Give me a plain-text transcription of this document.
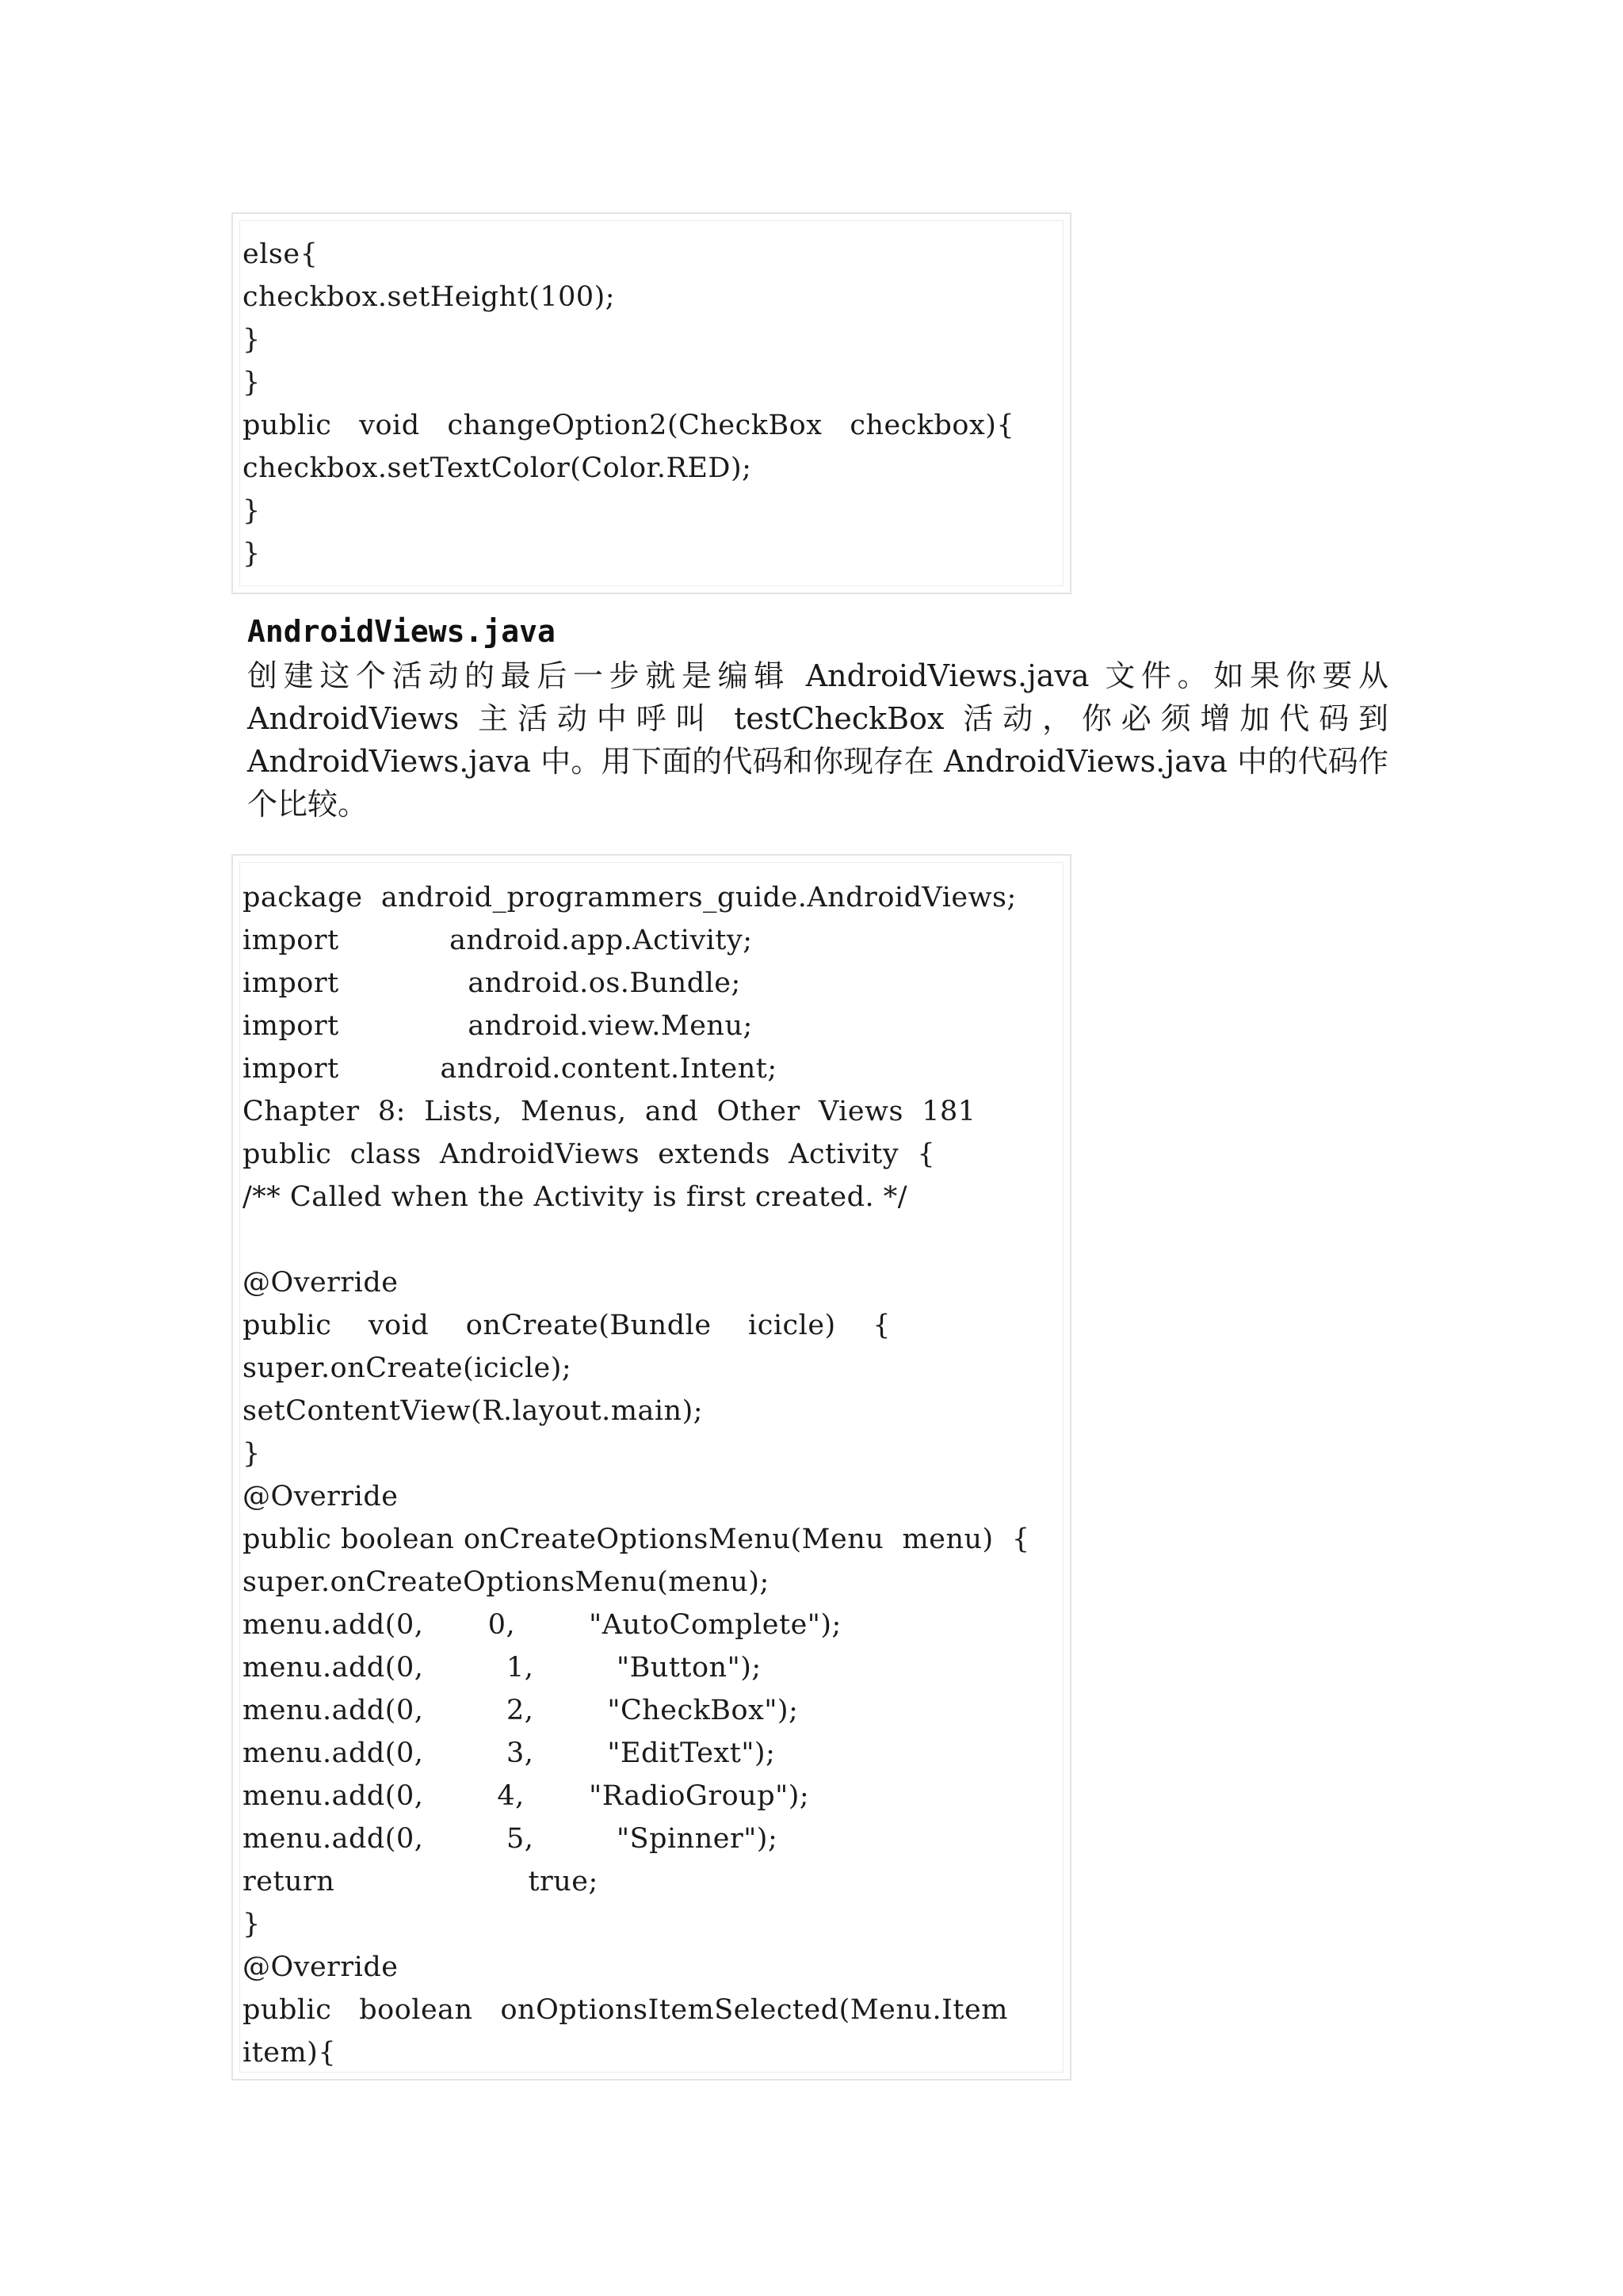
else{
checkbox.setHeight(100);
}
}
public   void   changeOption2(CheckBox   checkbox){
checkbox.setTextColor(Color.RED);
}
}
AndroidViews.java
创建这个活动的最后一步就是编辑 AndroidViews.java 文件。如果你要从 AndroidViews 主活动中呼叫 testCheckBox 活动，你必须增加代码到 AndroidViews.java 中。用下面的代码和你现存在 AndroidViews.java 中的代码作个比较。
package  android_programmers_guide.AndroidViews;
import            android.app.Activity;
import              android.os.Bundle;
import              android.view.Menu;
import           android.content.Intent;
Chapter  8:  Lists,  Menus,  and  Other  Views  181
public  class  AndroidViews  extends  Activity  {
/** Called when the Activity is first created. */
@Override
public    void    onCreate(Bundle    icicle)    {
super.onCreate(icicle);
setContentView(R.layout.main);
}
@Override
public boolean onCreateOptionsMenu(Menu  menu)  {
super.onCreateOptionsMenu(menu);
menu.add(0,       0,        "AutoComplete");
menu.add(0,         1,         "Button");
menu.add(0,         2,        "CheckBox");
menu.add(0,         3,        "EditText");
menu.add(0,        4,       "RadioGroup");
menu.add(0,         5,         "Spinner");
return                     true;
}
@Override
public   boolean   onOptionsItemSelected(Menu.Item
item){
